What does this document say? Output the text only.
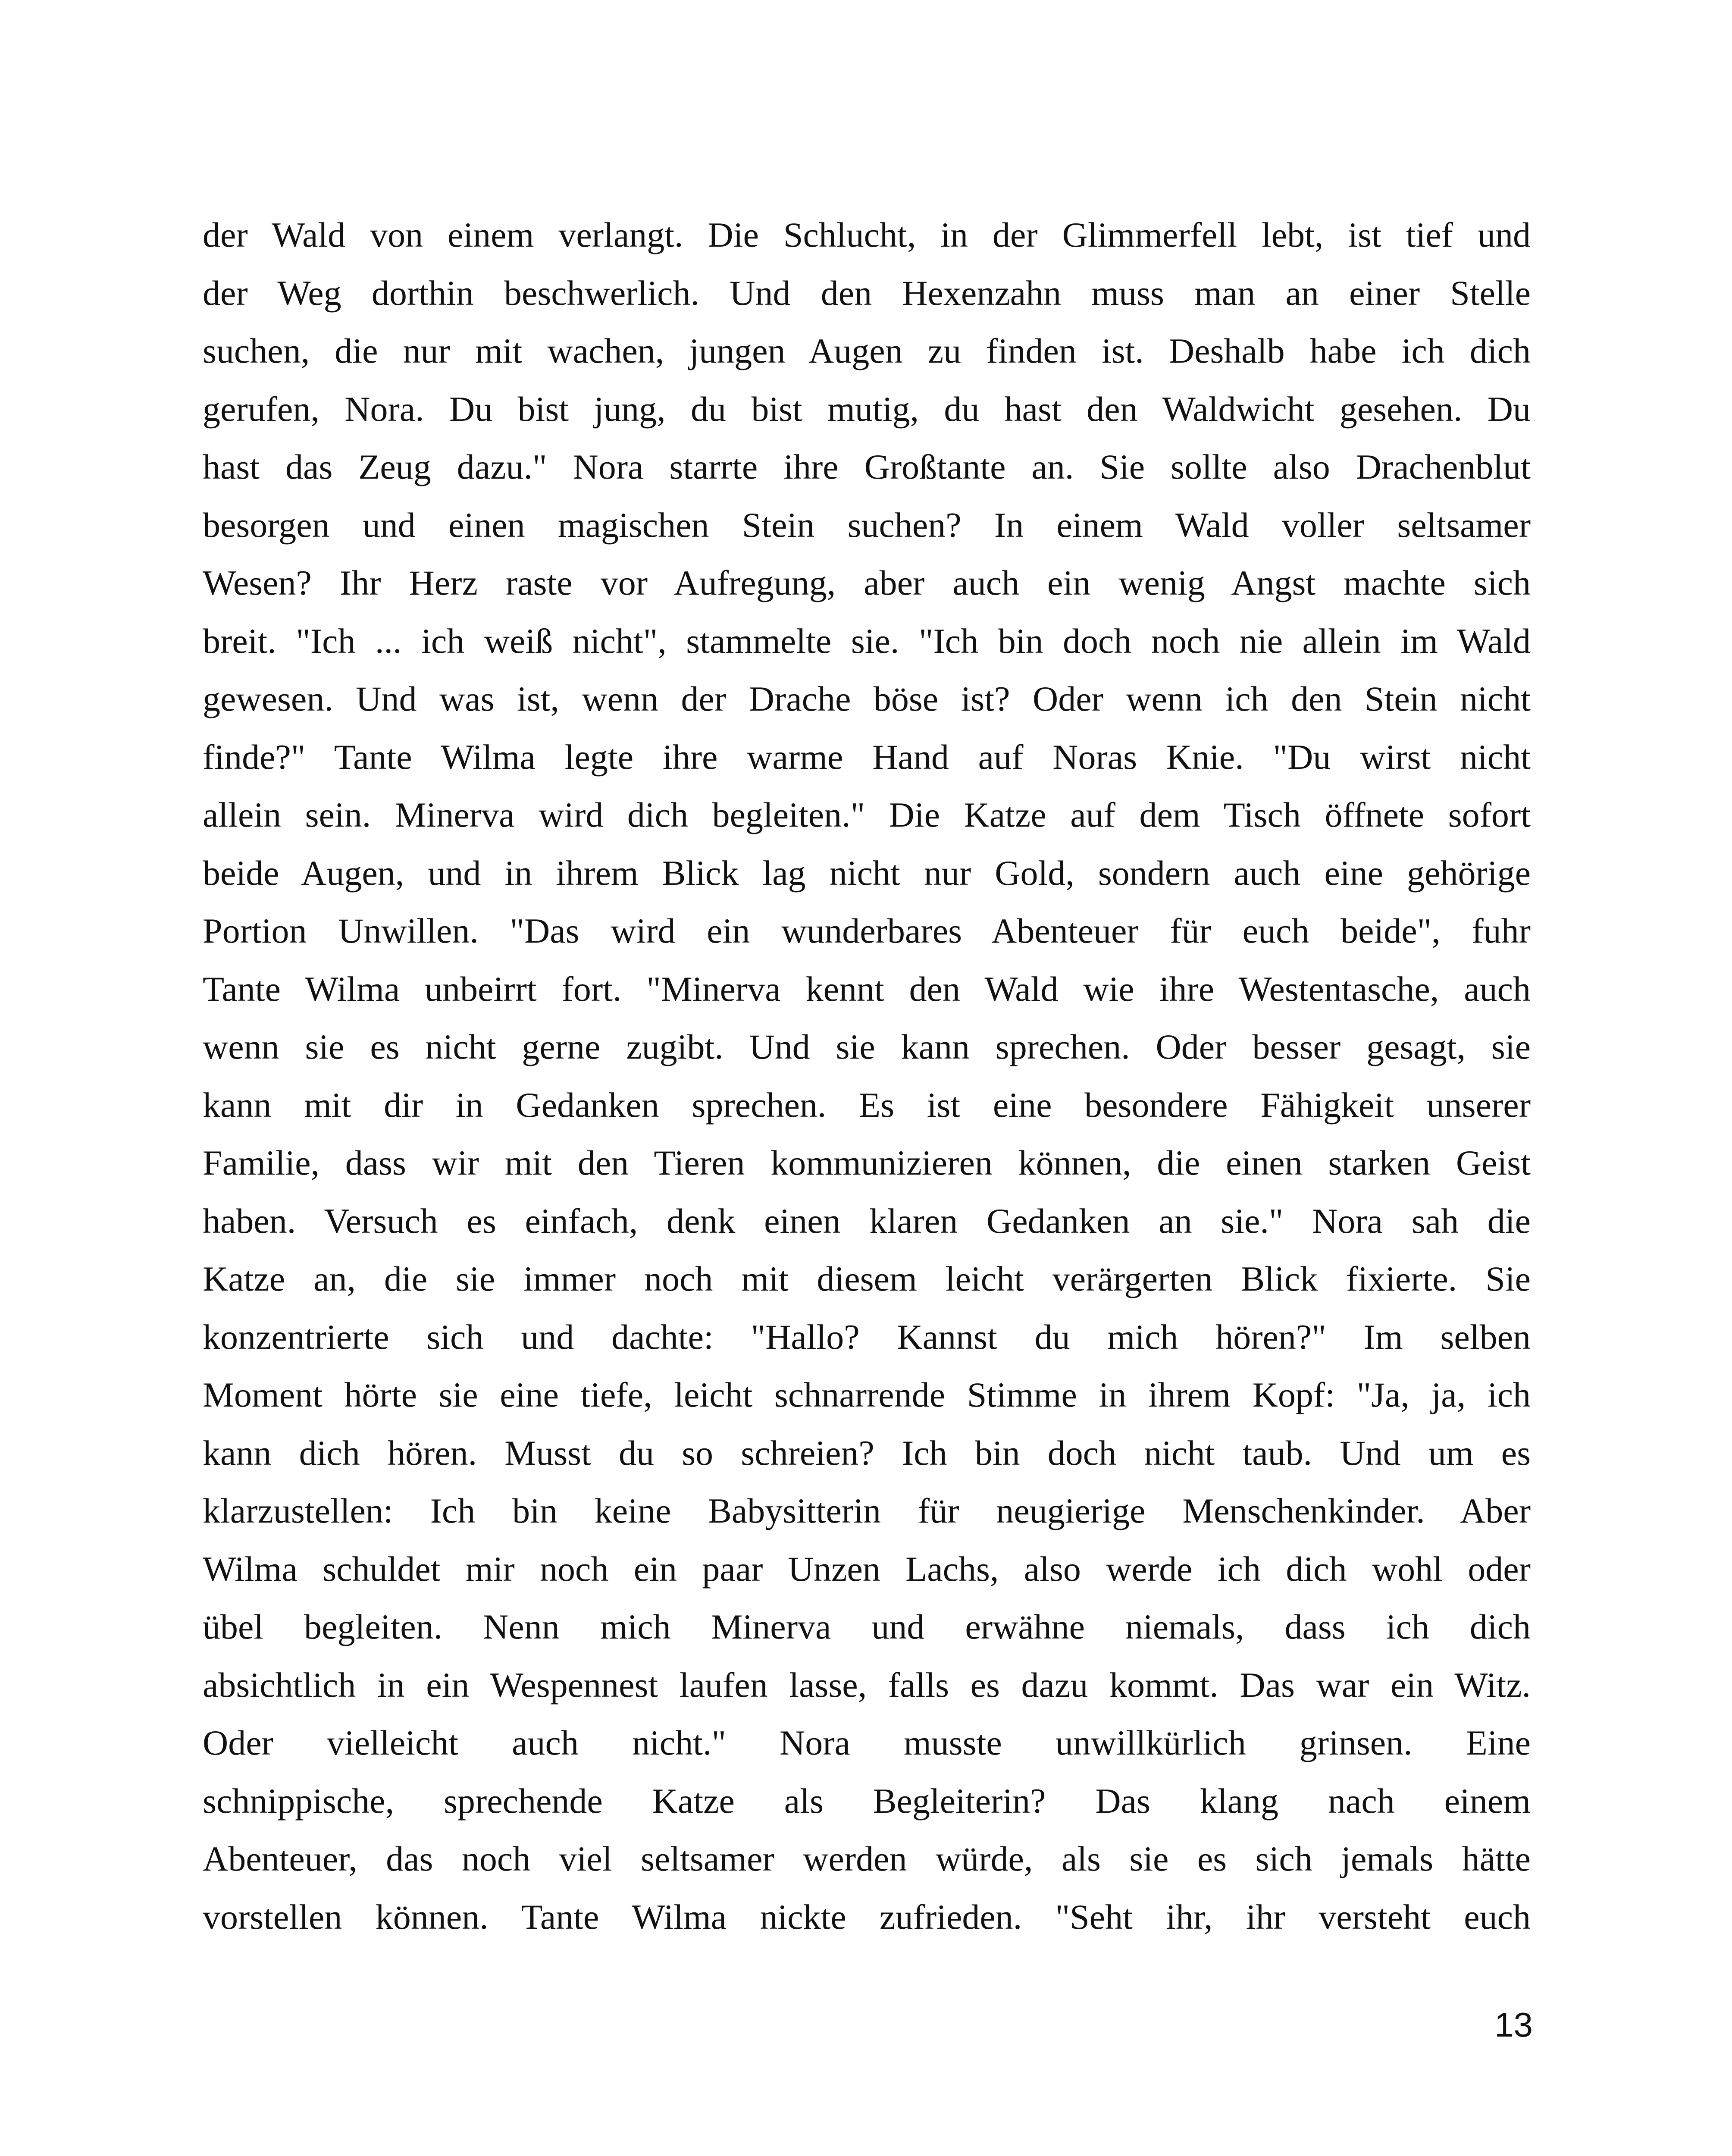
der Wald von einem verlangt. Die Schlucht, in der Glimmerfell lebt, ist tief und
der Weg dorthin beschwerlich. Und den Hexenzahn muss man an einer Stelle
suchen, die nur mit wachen, jungen Augen zu finden ist. Deshalb habe ich dich
gerufen, Nora. Du bist jung, du bist mutig, du hast den Waldwicht gesehen. Du
hast das Zeug dazu." Nora starrte ihre Großtante an. Sie sollte also Drachenblut
besorgen und einen magischen Stein suchen? In einem Wald voller seltsamer
Wesen? Ihr Herz raste vor Aufregung, aber auch ein wenig Angst machte sich
breit. "Ich ... ich weiß nicht", stammelte sie. "Ich bin doch noch nie allein im Wald
gewesen. Und was ist, wenn der Drache böse ist? Oder wenn ich den Stein nicht
finde?" Tante Wilma legte ihre warme Hand auf Noras Knie. "Du wirst nicht
allein sein. Minerva wird dich begleiten." Die Katze auf dem Tisch öffnete sofort
beide Augen, und in ihrem Blick lag nicht nur Gold, sondern auch eine gehörige
Portion Unwillen. "Das wird ein wunderbares Abenteuer für euch beide", fuhr
Tante Wilma unbeirrt fort. "Minerva kennt den Wald wie ihre Westentasche, auch
wenn sie es nicht gerne zugibt. Und sie kann sprechen. Oder besser gesagt, sie
kann mit dir in Gedanken sprechen. Es ist eine besondere Fähigkeit unserer
Familie, dass wir mit den Tieren kommunizieren können, die einen starken Geist
haben. Versuch es einfach, denk einen klaren Gedanken an sie." Nora sah die
Katze an, die sie immer noch mit diesem leicht verärgerten Blick fixierte. Sie
konzentrierte sich und dachte: "Hallo? Kannst du mich hören?" Im selben
Moment hörte sie eine tiefe, leicht schnarrende Stimme in ihrem Kopf: "Ja, ja, ich
kann dich hören. Musst du so schreien? Ich bin doch nicht taub. Und um es
klarzustellen: Ich bin keine Babysitterin für neugierige Menschenkinder. Aber
Wilma schuldet mir noch ein paar Unzen Lachs, also werde ich dich wohl oder
übel begleiten. Nenn mich Minerva und erwähne niemals, dass ich dich
absichtlich in ein Wespennest laufen lasse, falls es dazu kommt. Das war ein Witz.
Oder vielleicht auch nicht." Nora musste unwillkürlich grinsen. Eine
schnippische, sprechende Katze als Begleiterin? Das klang nach einem
Abenteuer, das noch viel seltsamer werden würde, als sie es sich jemals hätte
vorstellen können. Tante Wilma nickte zufrieden. "Seht ihr, ihr versteht euch

13
